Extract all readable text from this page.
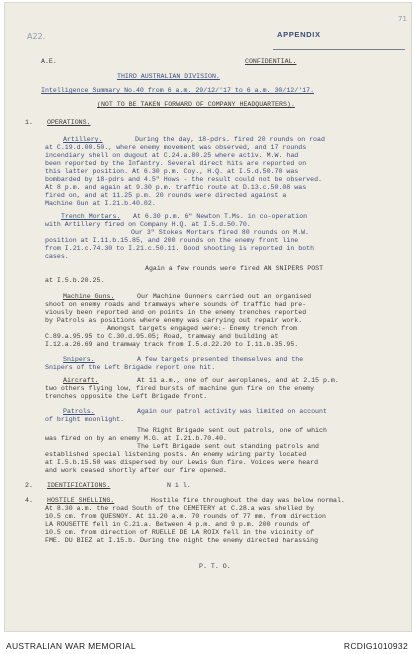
71
A22.	APPENDIX
A.E.	CONFIDENTIAL.
THIRD AUSTRALIAN DIVISION.
Intelligence Summary No.40 from 6 a.m. 29/12/'17 to 6 a.m. 30/12/'17.
(NOT TO BE TAKEN FORWARD OF COMPANY HEADQUARTERS).
1. OPERATIONS.
Artillery.	During the day, 18-pdrs. fired 20 rounds on road
at C.19.d.00.50., where enemy movement was observed, and 17 rounds
incendiary shell on dugout at C.24.a.80.25 where activ. M.W. had
been reported by the Infantry. Several direct hits are reported on
this latter position. At 6.30 p.m. Coy., H.Q. at I.5.d.50.70 was
bombarded by 18-pdrs and 4.5" Hows - the result could not be observed.
At 8 p.m. and again at 9.30 p.m. traffic route at D.13.c.50.08 was
fired on, and at 11.25 p.m. 20 rounds were directed against a
Machine Gun at I.21.b.40.02.
Trench Mortars. At 6.30 p.m. 6" Newton T.Ms. in co-operation
with Artillery fired on Company H.Q. at I.5.d.50.70.
Our 3" Stokes Mortars fired 80 rounds on M.W.
position at I.11.b.15.85, and 200 rounds on the enemy front line
from I.21.c.74.30 to I.21.c.50.11. Good shooting is reported in both
cases.
Again a few rounds were fired AN SNIPERS POST
at I.5.b.20.25.
Machine Guns.	Our Machine Gunners carried out an organised
shoot on enemy roads and tramways where sounds of traffic had pre-
viously been reported and on points in the enemy trenches reported
by Patrols as positions where enemy was carrying out repair work.
Amongst targets engaged were:- Enemy trench from
C.89.a.95.95 to C.30.d.95.05; Road, tramway and building at
I.12.a.26.69 and tramway track from I.5.d.22.20 to I.11.b.35.95.
Snipers.	A few targets presented themselves and the
Snipers of the Left Brigade report one hit.
Aircraft.	At 11 a.m., one of our aeroplanes, and at 2.15 p.m.
two others flying low, fired bursts of machine gun fire on the enemy
trenches opposite the Left Brigade front.
Patrols.	Again our patrol activity was limited on account
of bright moonlight.
The Right Brigade sent out patrols, one of which
was fired on by an enemy M.G. at I.21.b.70.40.
The Left Brigade sent out standing patrols and
established special listening posts. An enemy wiring party located
at I.5.b.15.50 was dispersed by our Lewis Gun fire. Voices were heard
and work ceased shortly after our fire opened.
2. IDENTIFICATIONS.	N i l.
4. HOSTILE SHELLING.	Hostile fire throughout the day was below normal.
At 8.30 a.m. the road South of the CEMETERY at C.28.a was shelled by
10.5 cm. from QUESNOY. At 11.20 a.m. 70 rounds of 77 mm. from direction
LA ROUSETTE fell in C.21.a. Between 4 p.m. and 9 p.m. 200 rounds of
10.5 cm. from direction of RUELLE DE LA ROIX fell in the vicinity of
FME. DU BIEZ at I.15.b. During the night the enemy directed harassing
P. T. O.
AUSTRALIAN WAR MEMORIAL	RCDIG1010932
